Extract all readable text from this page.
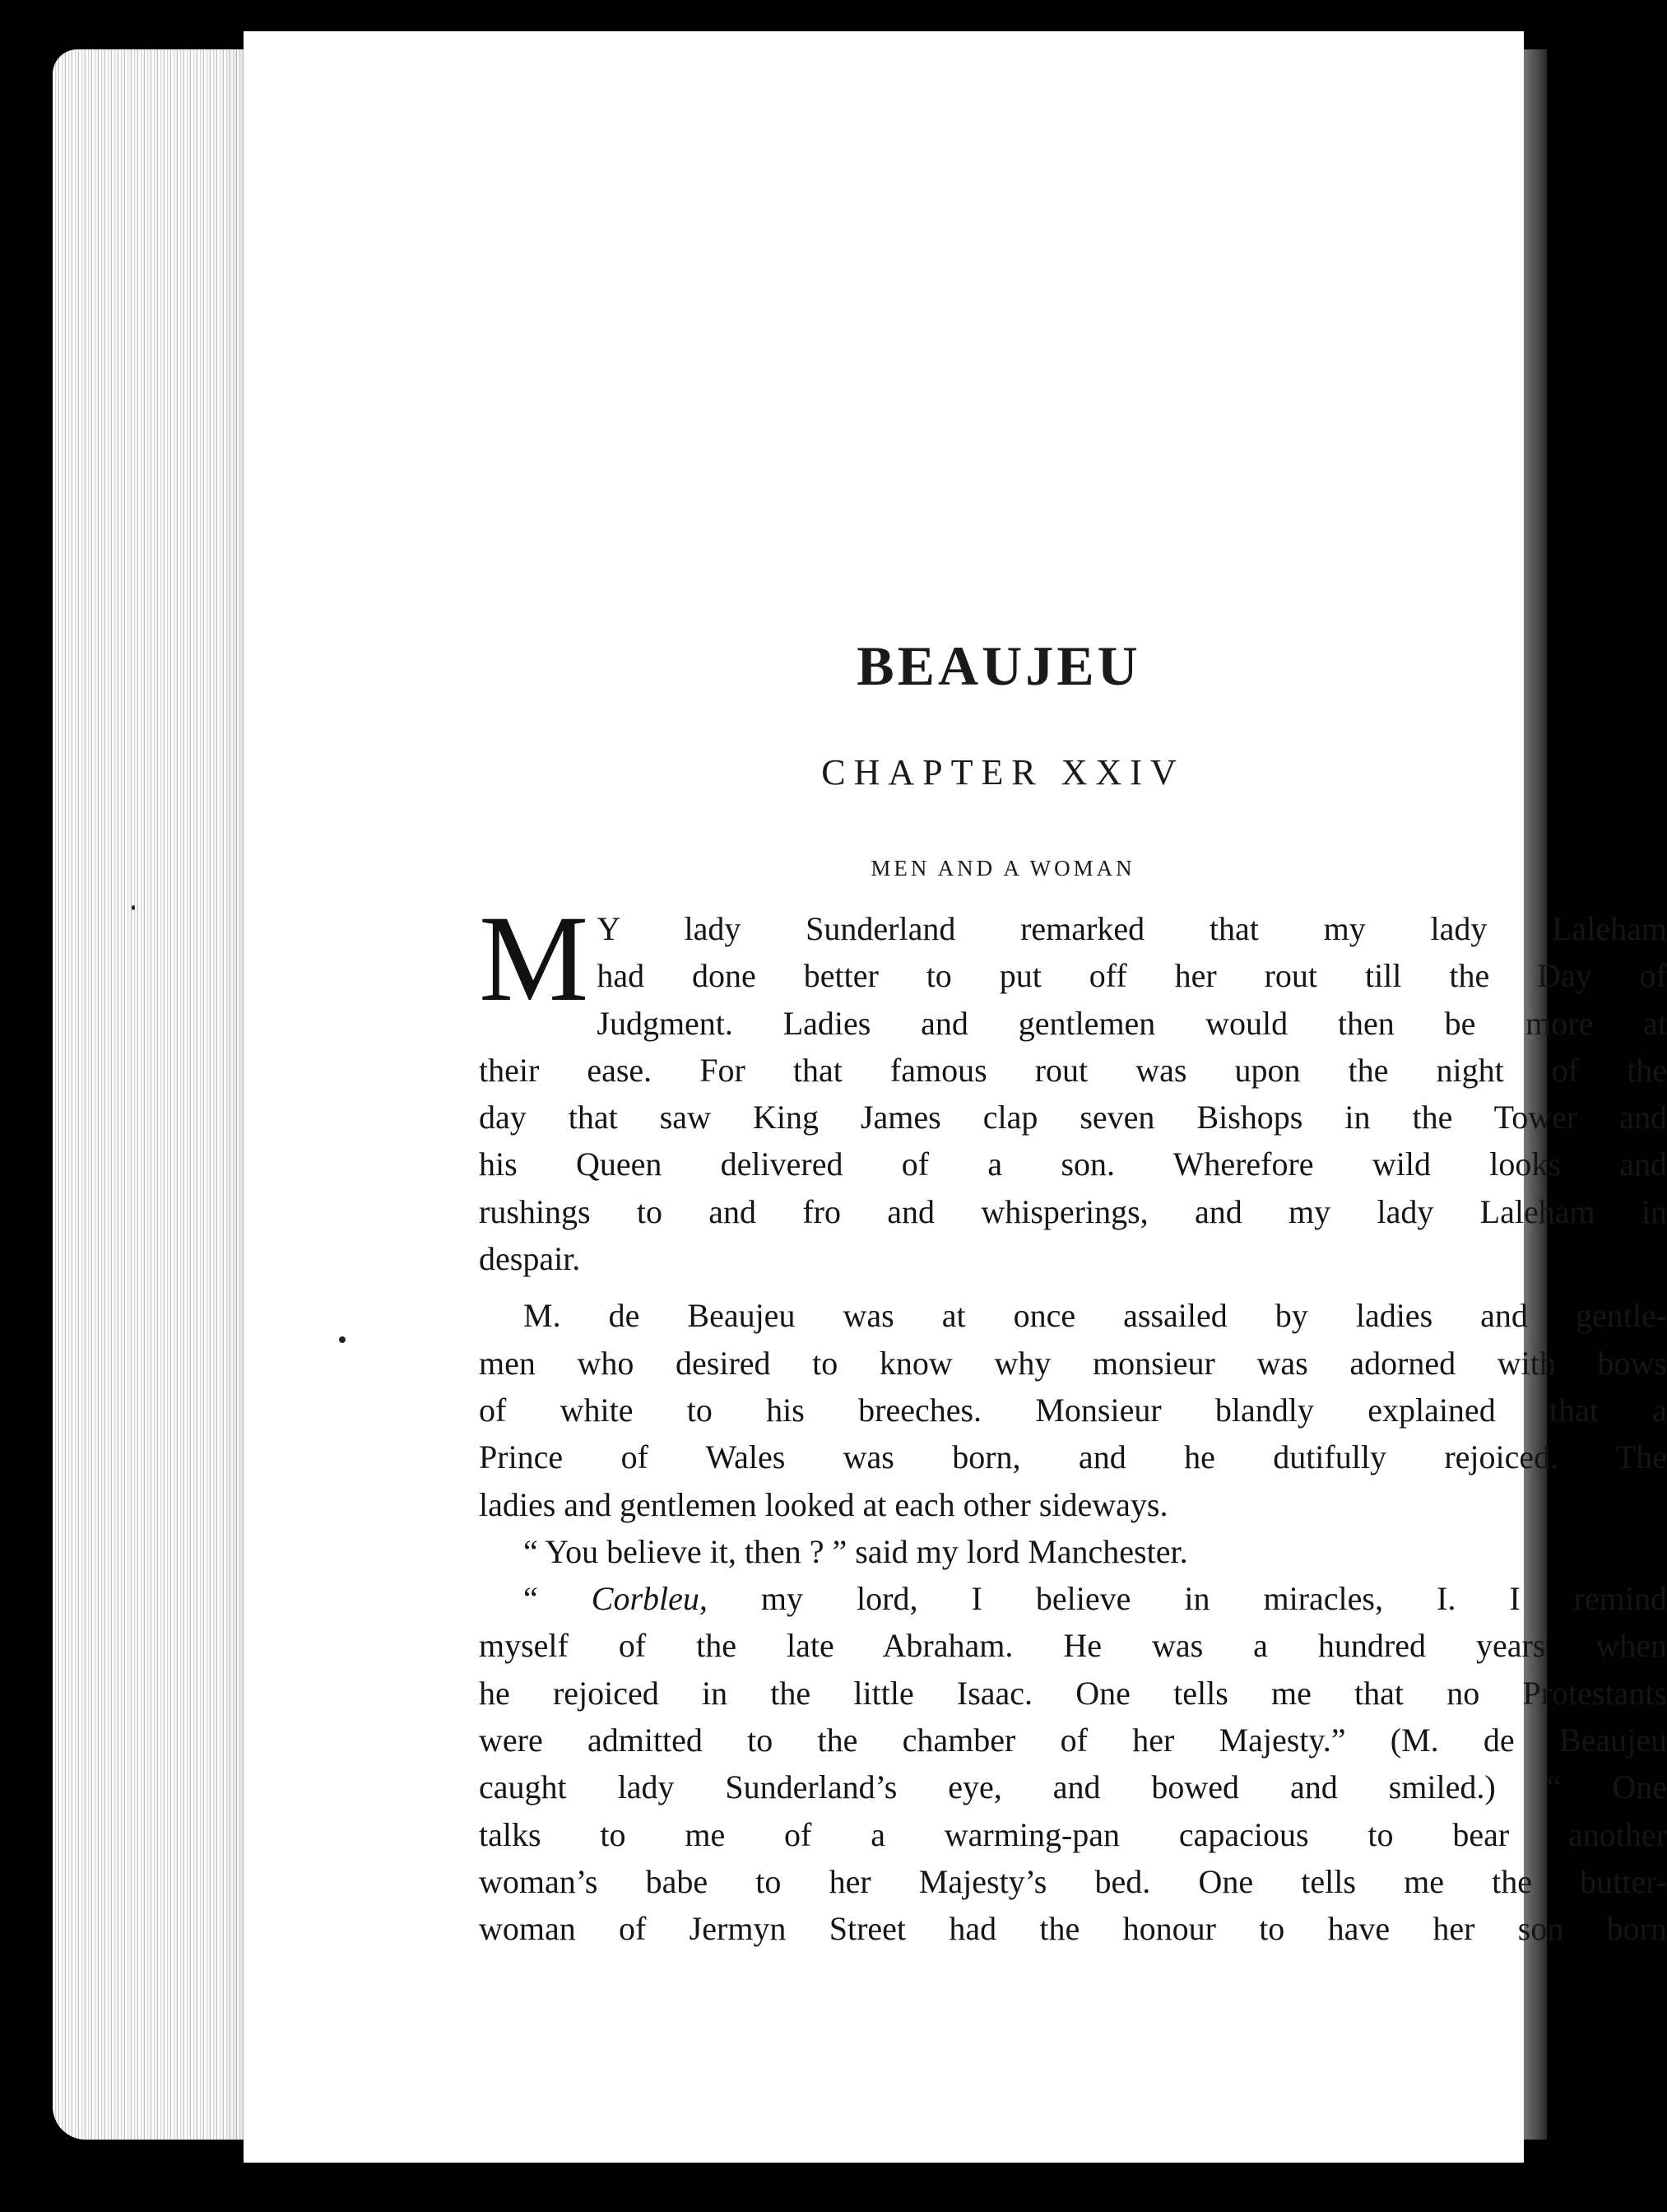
BEAUJEU
CHAPTER XXIV
MEN AND A WOMAN

M Y lady Sunderland remarked that my lady Laleham
had done better to put off her rout till the Day of
Judgment. Ladies and gentlemen would then be more at
their ease. For that famous rout was upon the night of the
day that saw King James clap seven Bishops in the Tower and
his Queen delivered of a son. Wherefore wild looks and
rushings to and fro and whisperings, and my lady Laleham in
despair.

M. de Beaujeu was at once assailed by ladies and gentle-
men who desired to know why monsieur was adorned with bows
of white to his breeches. Monsieur blandly explained that a
Prince of Wales was born, and he dutifully rejoiced. The
ladies and gentlemen looked at each other sideways.

“ You believe it, then ? ” said my lord Manchester.

“ Corbleu, my lord, I believe in miracles, I. I remind
myself of the late Abraham. He was a hundred years when
he rejoiced in the little Isaac. One tells me that no Protestants
were admitted to the chamber of her Majesty.” (M. de Beaujeu
caught lady Sunderland’s eye, and bowed and smiled.) “ One
talks to me of a warming-pan capacious to bear another
woman’s babe to her Majesty’s bed. One tells me the butter-
woman of Jermyn Street had the honour to have her son born
